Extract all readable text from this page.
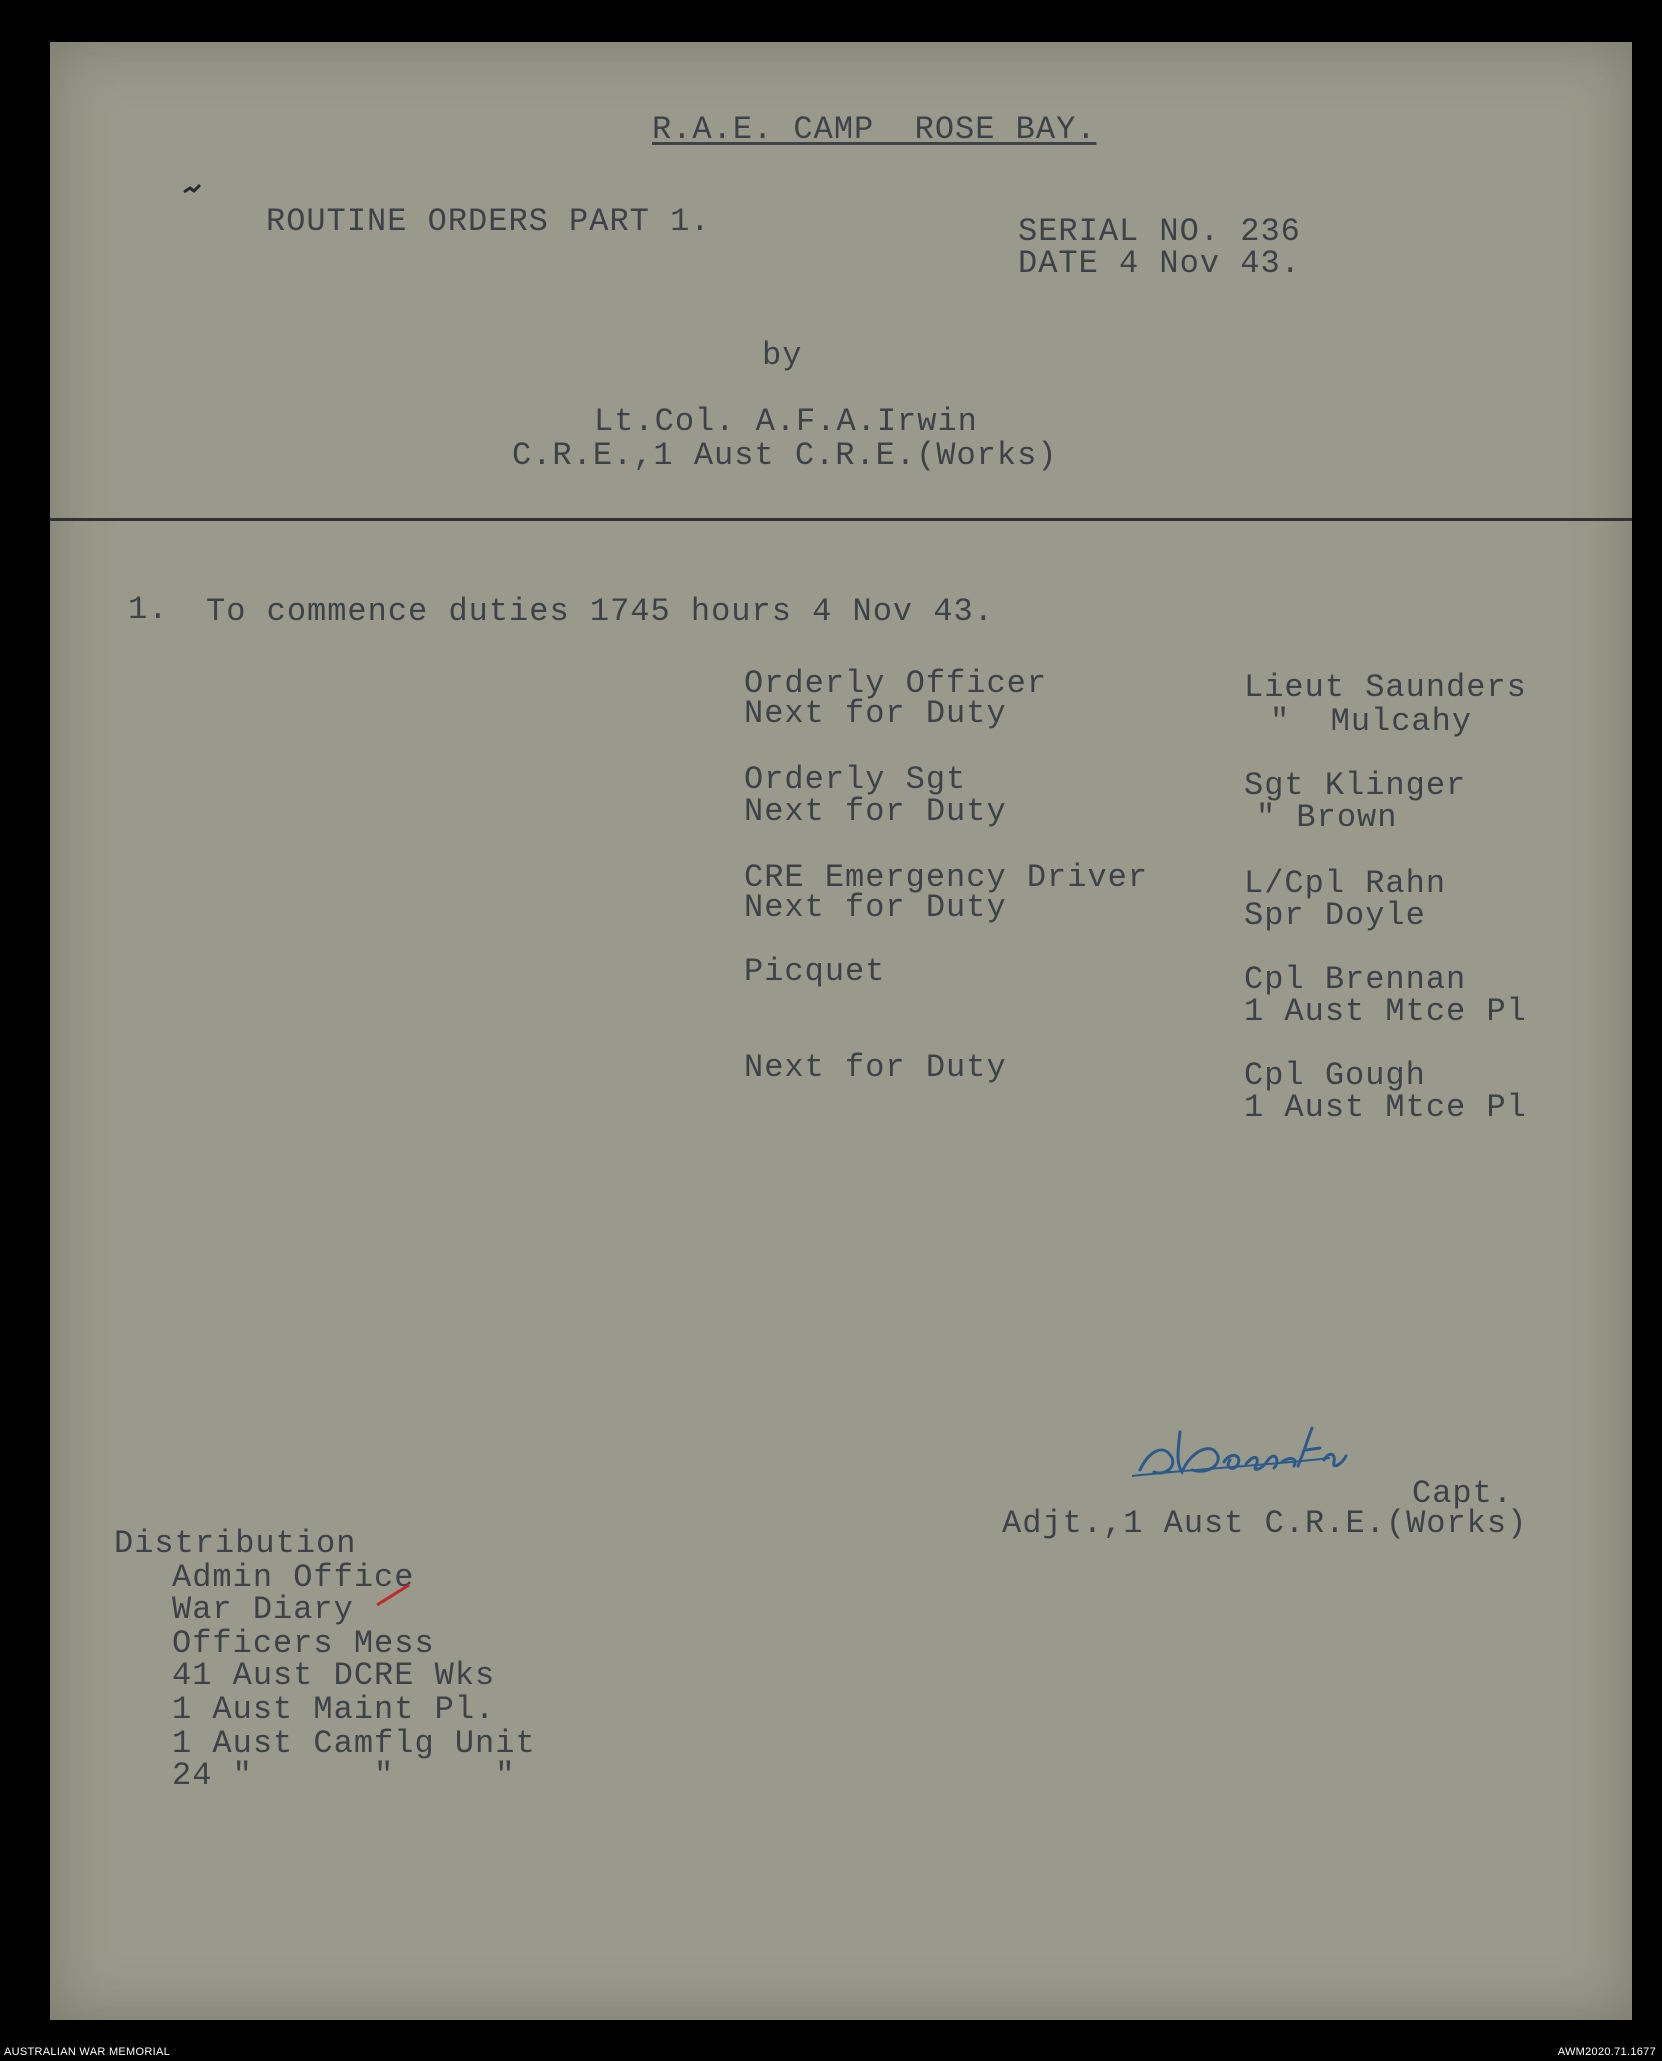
R.A.E. CAMP  ROSE BAY.
ROUTINE ORDERS PART 1.	SERIAL NO. 236
DATE 4 Nov 43.
by
Lt.Col. A.F.A.Irwin
C.R.E.,1 Aust C.R.E.(Works)
1. To commence duties 1745 hours 4 Nov 43.
Orderly Officer	Lieut Saunders
Next for Duty	"  Mulcahy
Orderly Sgt	Sgt Klinger
Next for Duty	" Brown
CRE Emergency Driver	L/Cpl Rahn
Next for Duty	Spr Doyle
Picquet	Cpl Brennan
1 Aust Mtce Pl
Next for Duty	Cpl Gough
1 Aust Mtce Pl
Capt.
Adjt.,1 Aust C.R.E.(Works)
Distribution
Admin Office
War Diary
Officers Mess
41 Aust DCRE Wks
1 Aust Maint Pl.
1 Aust Camflg Unit
24 "      "     "
AUSTRALIAN WAR MEMORIAL	AWM2020.71.1677
